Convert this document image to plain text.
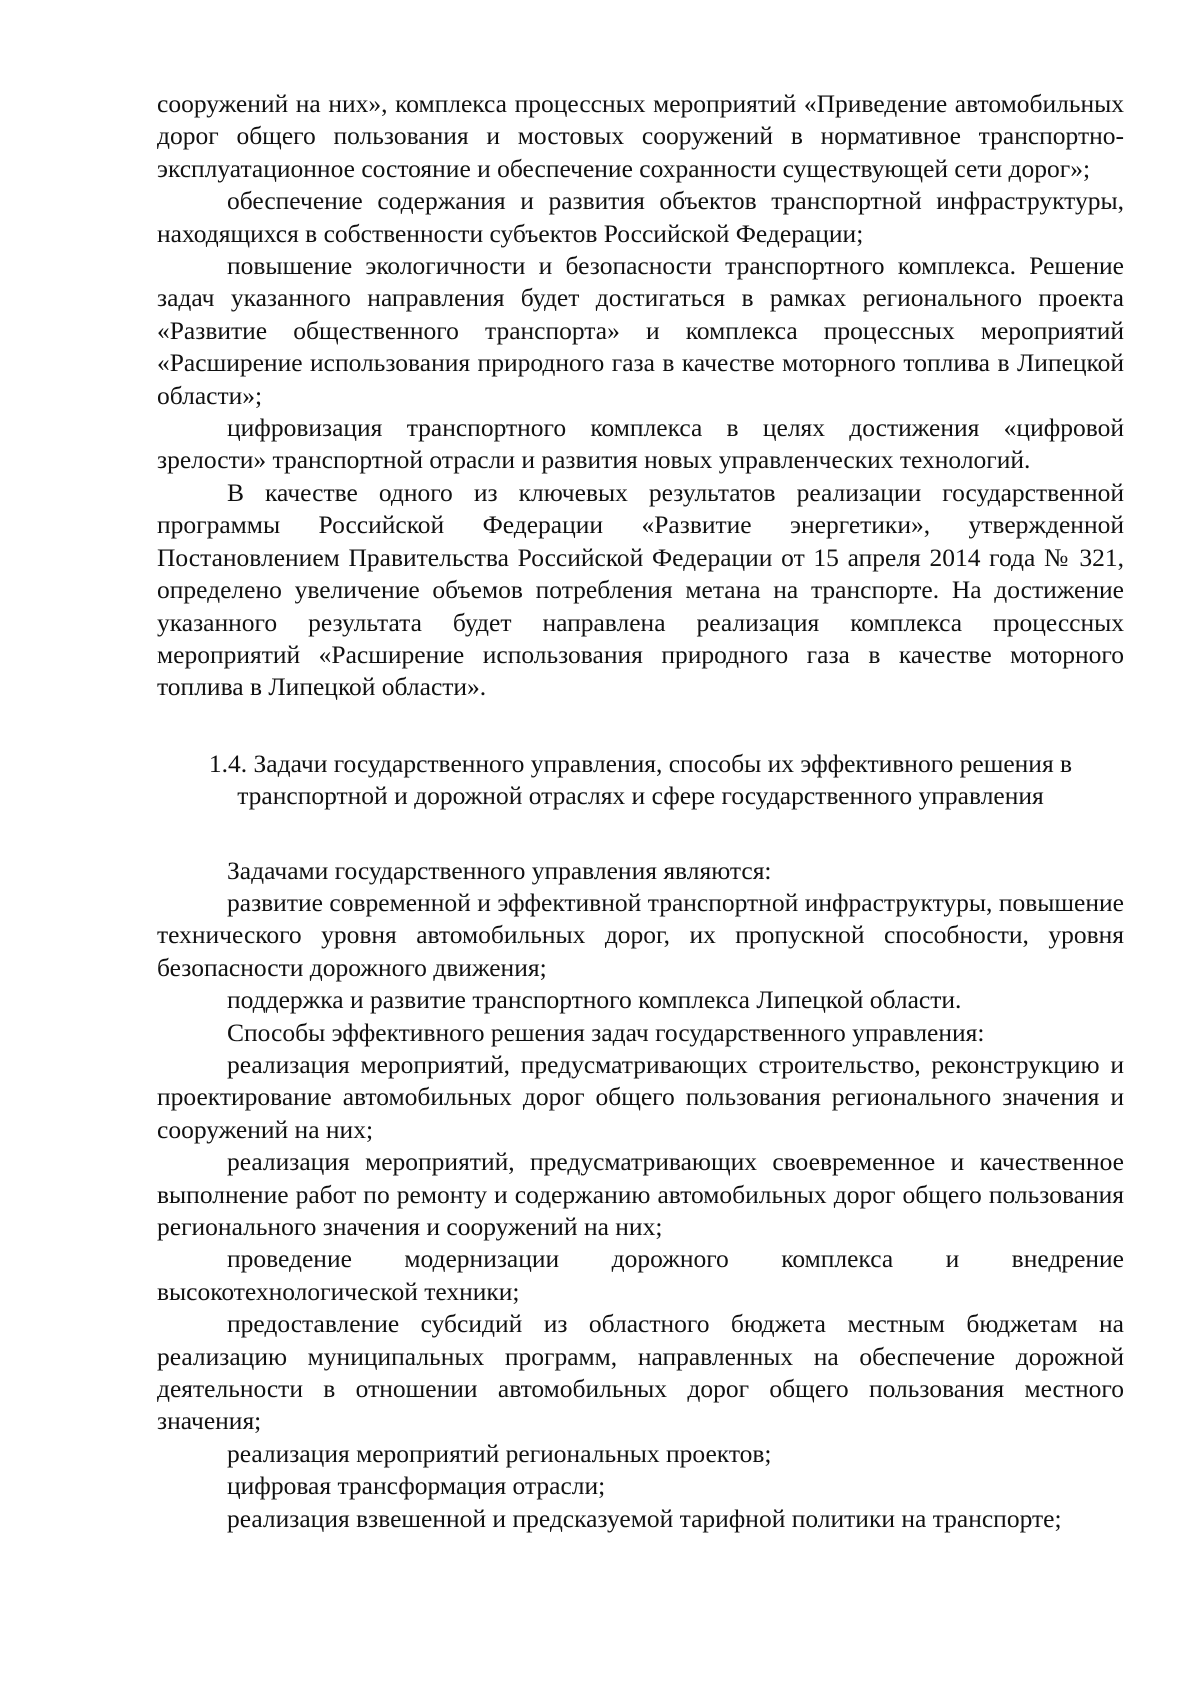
сооружений на них», комплекса процессных мероприятий «Приведение автомобильных дорог общего пользования и мостовых сооружений в нормативное транспортно-эксплуатационное состояние и обеспечение сохранности существующей сети дорог»;

обеспечение содержания и развития объектов транспортной инфраструктуры, находящихся в собственности субъектов Российской Федерации;

повышение экологичности и безопасности транспортного комплекса. Решение задач указанного направления будет достигаться в рамках регионального проекта «Развитие общественного транспорта» и комплекса процессных мероприятий «Расширение использования природного газа в качестве моторного топлива в Липецкой области»;

цифровизация транспортного комплекса в целях достижения «цифровой зрелости» транспортной отрасли и развития новых управленческих технологий.

В качестве одного из ключевых результатов реализации государственной программы Российской Федерации «Развитие энергетики», утвержденной Постановлением Правительства Российской Федерации от 15 апреля 2014 года № 321, определено увеличение объемов потребления метана на транспорте. На достижение указанного результата будет направлена реализация комплекса процессных мероприятий «Расширение использования природного газа в качестве моторного топлива в Липецкой области».

1.4. Задачи государственного управления, способы их эффективного решения в
транспортной и дорожной отраслях и сфере государственного управления

Задачами государственного управления являются:

развитие современной и эффективной транспортной инфраструктуры, повышение технического уровня автомобильных дорог, их пропускной способности, уровня безопасности дорожного движения;

поддержка и развитие транспортного комплекса Липецкой области.

Способы эффективного решения задач государственного управления:

реализация мероприятий, предусматривающих строительство, реконструкцию и проектирование автомобильных дорог общего пользования регионального значения и сооружений на них;

реализация мероприятий, предусматривающих своевременное и качественное выполнение работ по ремонту и содержанию автомобильных дорог общего пользования регионального значения и сооружений на них;

проведение модернизации дорожного комплекса и внедрение высокотехнологической техники;

предоставление субсидий из областного бюджета местным бюджетам на реализацию муниципальных программ, направленных на обеспечение дорожной деятельности в отношении автомобильных дорог общего пользования местного значения;

реализация мероприятий региональных проектов;

цифровая трансформация отрасли;

реализация взвешенной и предсказуемой тарифной политики на транспорте;
